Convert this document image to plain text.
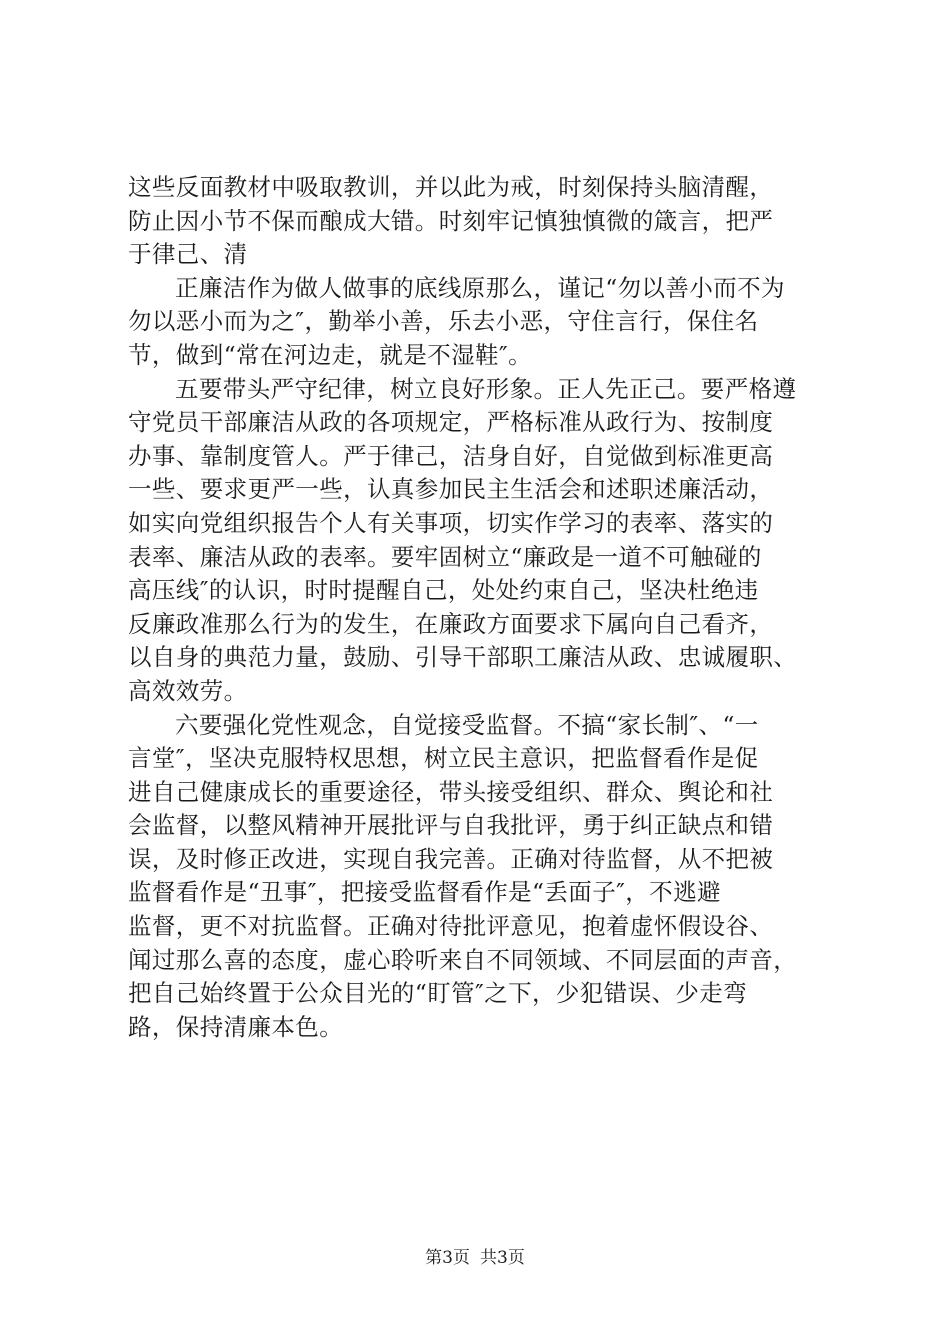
这些反面教材中吸取教训，并以此为戒，时刻保持头脑清醒，
防止因小节不保而酿成大错。时刻牢记慎独慎微的箴言，把严
于律己、清
正廉洁作为做人做事的底线原那么，谨记“勿以善小而不为
勿以恶小而为之″，勤举小善，乐去小恶，守住言行，保住名
节，做到“常在河边走，就是不湿鞋″。
五要带头严守纪律，树立良好形象。正人先正己。要严格遵
守党员干部廉洁从政的各项规定，严格标准从政行为、按制度
办事、靠制度管人。严于律己，洁身自好，自觉做到标准更高
一些、要求更严一些，认真参加民主生活会和述职述廉活动，
如实向党组织报告个人有关事项，切实作学习的表率、落实的
表率、廉洁从政的表率。要牢固树立“廉政是一道不可触碰的
高压线″的认识，时时提醒自己，处处约束自己，坚决杜绝违
反廉政准那么行为的发生，在廉政方面要求下属向自己看齐，
以自身的典范力量，鼓励、引导干部职工廉洁从政、忠诚履职、
高效效劳。
六要强化党性观念，自觉接受监督。不搞“家长制″、“一
言堂″，坚决克服特权思想，树立民主意识，把监督看作是促
进自己健康成长的重要途径，带头接受组织、群众、舆论和社
会监督，以整风精神开展批评与自我批评，勇于纠正缺点和错
误，及时修正改进，实现自我完善。正确对待监督，从不把被
监督看作是“丑事″，把接受监督看作是“丢面子″，不逃避
监督，更不对抗监督。正确对待批评意见，抱着虚怀假设谷、
闻过那么喜的态度，虚心聆听来自不同领域、不同层面的声音，
把自己始终置于公众目光的“盯管″之下，少犯错误、少走弯
路，保持清廉本色。
第3页 共3页
